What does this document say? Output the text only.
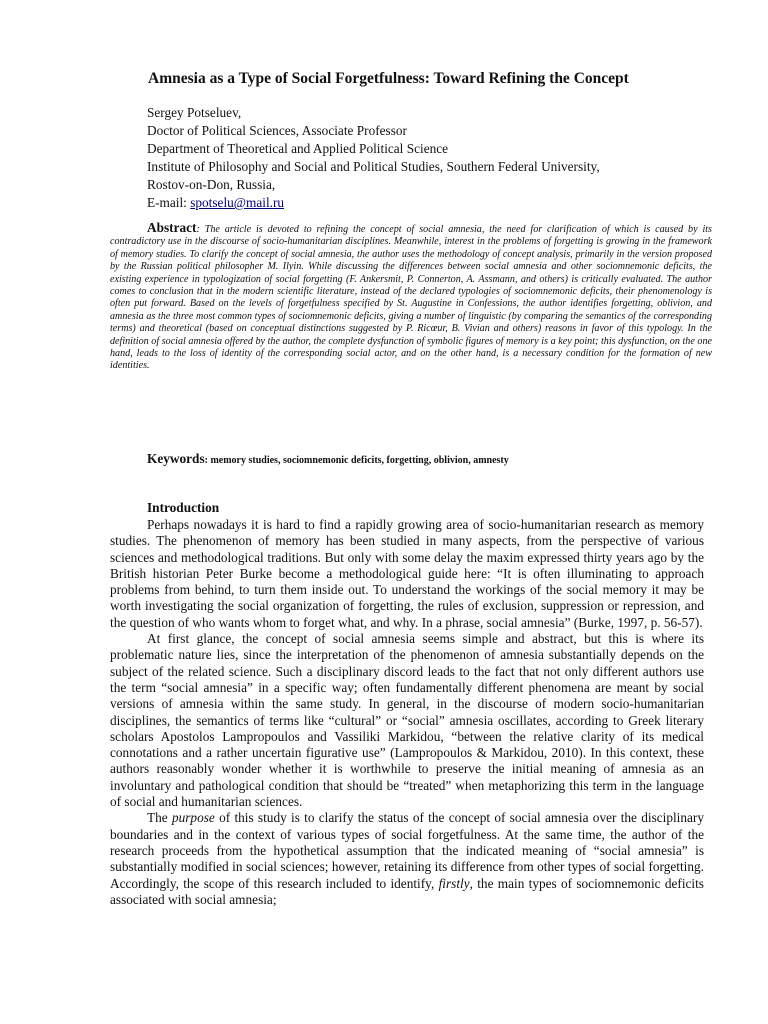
Amnesia as a Type of Social Forgetfulness: Toward Refining the Concept
Sergey Potseluev,
Doctor of Political Sciences, Associate Professor
Department of Theoretical and Applied Political Science
Institute of Philosophy and Social and Political Studies, Southern Federal University,
Rostov-on-Don, Russia,
E-mail: spotselu@mail.ru
Abstract: The article is devoted to refining the concept of social amnesia, the need for clarification of which is caused by its contradictory use in the discourse of socio-humanitarian disciplines. Meanwhile, interest in the problems of forgetting is growing in the framework of memory studies. To clarify the concept of social amnesia, the author uses the methodology of concept analysis, primarily in the version proposed by the Russian political philosopher M. Ilyin. While discussing the differences between social amnesia and other sociomnemonic deficits, the existing experience in typologization of social forgetting (F. Ankersmit, P. Connerton, A. Assmann, and others) is critically evaluated. The author comes to conclusion that in the modern scientific literature, instead of the declared typologies of sociomnemonic deficits, their phenomenology is often put forward. Based on the levels of forgetfulness specified by St. Augustine in Confessions, the author identifies forgetting, oblivion, and amnesia as the three most common types of sociomnemonic deficits, giving a number of linguistic (by comparing the semantics of the corresponding terms) and theoretical (based on conceptual distinctions suggested by P. Ricœur, B. Vivian and others) reasons in favor of this typology. In the definition of social amnesia offered by the author, the complete dysfunction of symbolic figures of memory is a key point; this dysfunction, on the one hand, leads to the loss of identity of the corresponding social actor, and on the other hand, is a necessary condition for the formation of new identities.
Keywords: memory studies, sociomnemonic deficits, forgetting, oblivion, amnesty
Introduction

Perhaps nowadays it is hard to find a rapidly growing area of socio-humanitarian research as memory studies. The phenomenon of memory has been studied in many aspects, from the perspective of various sciences and methodological traditions. But only with some delay the maxim expressed thirty years ago by the British historian Peter Burke become a methodological guide here: “It is often illuminating to approach problems from behind, to turn them inside out. To understand the workings of the social memory it may be worth investigating the social organization of forgetting, the rules of exclusion, suppression or repression, and the question of who wants whom to forget what, and why. In a phrase, social amnesia” (Burke, 1997, p. 56-57).

At first glance, the concept of social amnesia seems simple and abstract, but this is where its problematic nature lies, since the interpretation of the phenomenon of amnesia substantially depends on the subject of the related science. Such a disciplinary discord leads to the fact that not only different authors use the term “social amnesia” in a specific way; often fundamentally different phenomena are meant by social versions of amnesia within the same study. In general, in the discourse of modern socio-humanitarian disciplines, the semantics of terms like “cultural” or “social” amnesia oscillates, according to Greek literary scholars Apostolos Lampropoulos and Vassiliki Markidou, “between the relative clarity of its medical connotations and a rather uncertain figurative use” (Lampropoulos & Markidou, 2010). In this context, these authors reasonably wonder whether it is worthwhile to preserve the initial meaning of amnesia as an involuntary and pathological condition that should be “treated” when metaphorizing this term in the language of social and humanitarian sciences.

The purpose of this study is to clarify the status of the concept of social amnesia over the disciplinary boundaries and in the context of various types of social forgetfulness. At the same time, the author of the research proceeds from the hypothetical assumption that the indicated meaning of “social amnesia” is substantially modified in social sciences; however, retaining its difference from other types of social forgetting. Accordingly, the scope of this research included to identify, firstly, the main types of sociomnemonic deficits associated with social amnesia;
